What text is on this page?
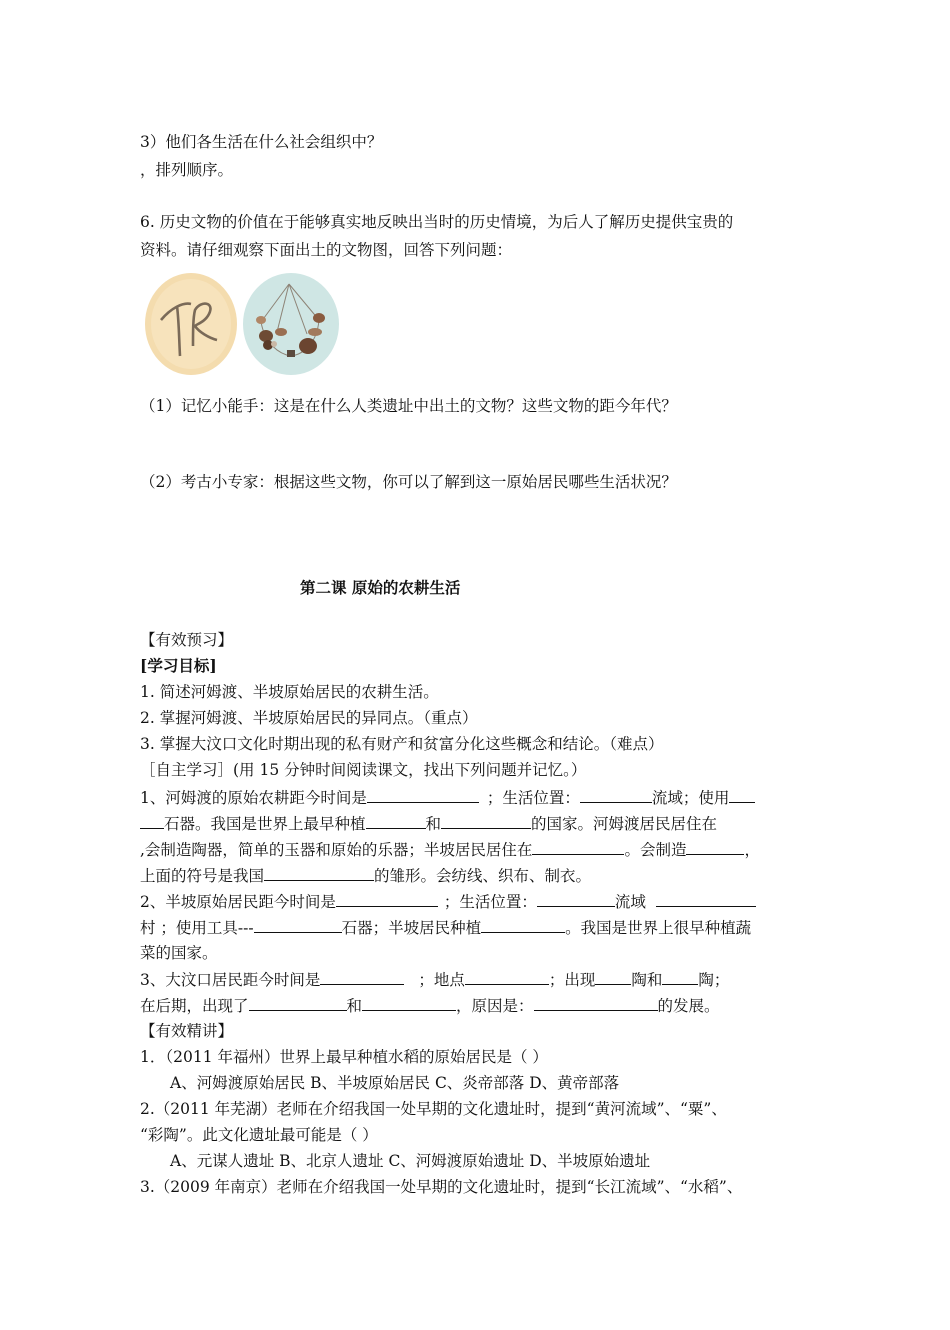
3）他们各生活在什么社会组织中？
，排列顺序。
6. 历史文物的价值在于能够真实地反映出当时的历史情境，为后人了解历史提供宝贵的
资料。请仔细观察下面出土的文物图，回答下列问题：
（1）记忆小能手：这是在什么人类遗址中出土的文物？这些文物的距今年代？
（2）考古小专家：根据这些文物，你可以了解到这一原始居民哪些生活状况？
第二课 原始的农耕生活
【有效预习】
[学习目标]
1. 简述河姆渡、半坡原始居民的农耕生活。
2. 掌握河姆渡、半坡原始居民的异同点。（重点）
3. 掌握大汶口文化时期出现的私有财产和贫富分化这些概念和结论。（难点）
［自主学习］(用 15 分钟时间阅读课文，找出下列问题并记忆。）
1、河姆渡的原始农耕距今时间是	；生活位置：	流域；使用
石器。我国是世界上最早种植	和	的国家。河姆渡居民居住在
,会制造陶器，简单的玉器和原始的乐器；半坡居民居住在	。会制造	，
上面的符号是我国	的雏形。会纺线、织布、制衣。
2、半坡原始居民距今时间是	；生活位置：	流域
村 ；使用工具---	石器；半坡居民种植	。我国是世界上很早种植蔬
菜的国家。
3、大汶口居民距今时间是	；地点	；出现 陶和 陶；
在后期，出现了	和	，原因是：	的发展。
【有效精讲】
1．（2011 年福州）世界上最早种植水稻的原始居民是（ ）
A、河姆渡原始居民 B、半坡原始居民 C、炎帝部落 D、黄帝部落
2.（2011 年芜湖）老师在介绍我国一处早期的文化遗址时，提到“黄河流域”、“粟”、
“彩陶”。此文化遗址最可能是（ ）
A、元谋人遗址 B、北京人遗址 C、河姆渡原始遗址 D、半坡原始遗址
3.（2009 年南京）老师在介绍我国一处早期的文化遗址时，提到“长江流域”、“水稻”、
